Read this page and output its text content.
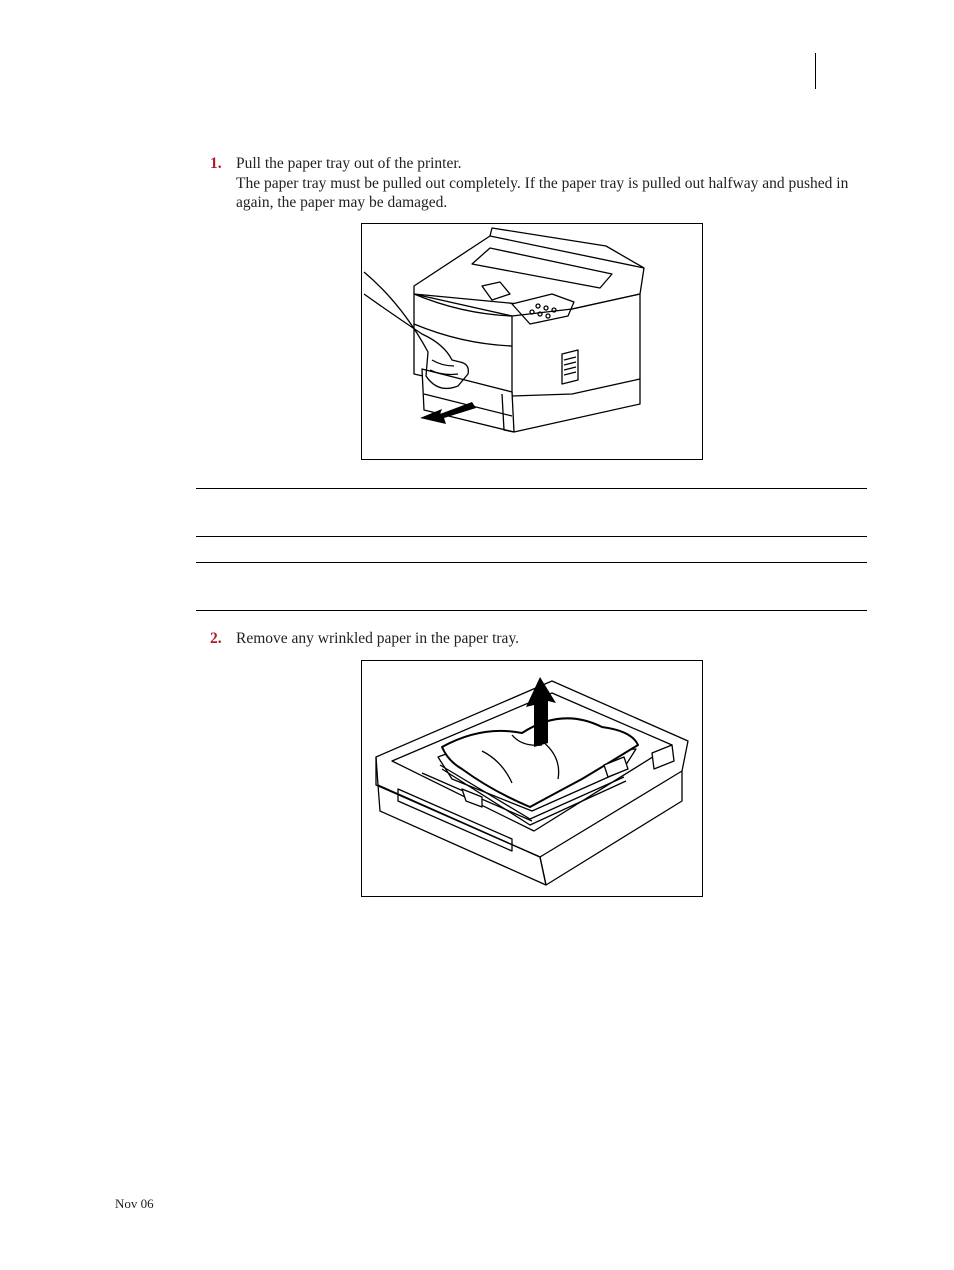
1. Pull the paper tray out of the printer.
The paper tray must be pulled out completely. If the paper tray is pulled out halfway and pushed in again, the paper may be damaged.
2. Remove any wrinkled paper in the paper tray.
Nov 06
